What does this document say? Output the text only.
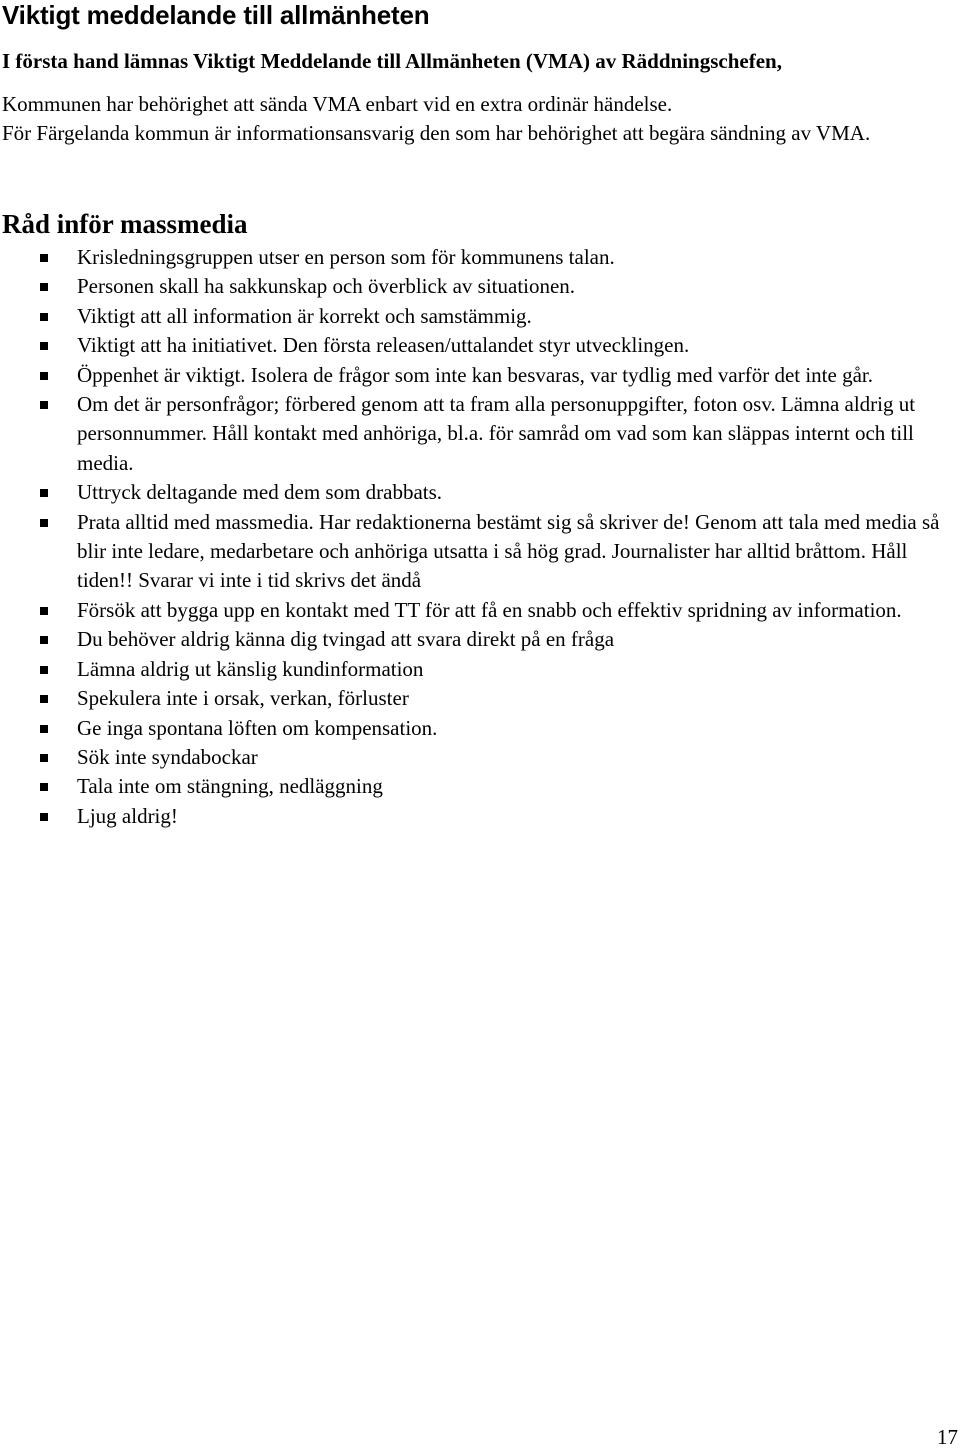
Viktigt meddelande till allmänheten

I första hand lämnas Viktigt Meddelande till Allmänheten (VMA) av Räddningschefen,

Kommunen har behörighet att sända VMA enbart vid en extra ordinär händelse.

För Färgelanda kommun är informationsansvarig den som har behörighet att begära sändning av VMA.

Råd inför massmedia
Krisledningsgruppen utser en person som för kommunens talan.
Personen skall ha sakkunskap och överblick av situationen.
Viktigt att all information är korrekt och samstämmig.
Viktigt att ha initiativet. Den första releasen/uttalandet styr utvecklingen.
Öppenhet är viktigt. Isolera de frågor som inte kan besvaras, var tydlig med varför det inte går.
Om det är personfrågor; förbered genom att ta fram alla personuppgifter, foton osv. Lämna aldrig ut personnummer. Håll kontakt med anhöriga, bl.a. för samråd om vad som kan släppas internt och till media.
Uttryck deltagande med dem som drabbats.
Prata alltid med massmedia. Har redaktionerna bestämt sig så skriver de! Genom att tala med media så blir inte ledare, medarbetare och anhöriga utsatta i så hög grad. Journalister har alltid bråttom. Håll tiden!! Svarar vi inte i tid skrivs det ändå
Försök att bygga upp en kontakt med TT för att få en snabb och effektiv spridning av information.
Du behöver aldrig känna dig tvingad att svara direkt på en fråga
Lämna aldrig ut känslig kundinformation
Spekulera inte i orsak, verkan, förluster
Ge inga spontana löften om kompensation.
Sök inte syndabockar
Tala inte om stängning, nedläggning
Ljug aldrig!

17
